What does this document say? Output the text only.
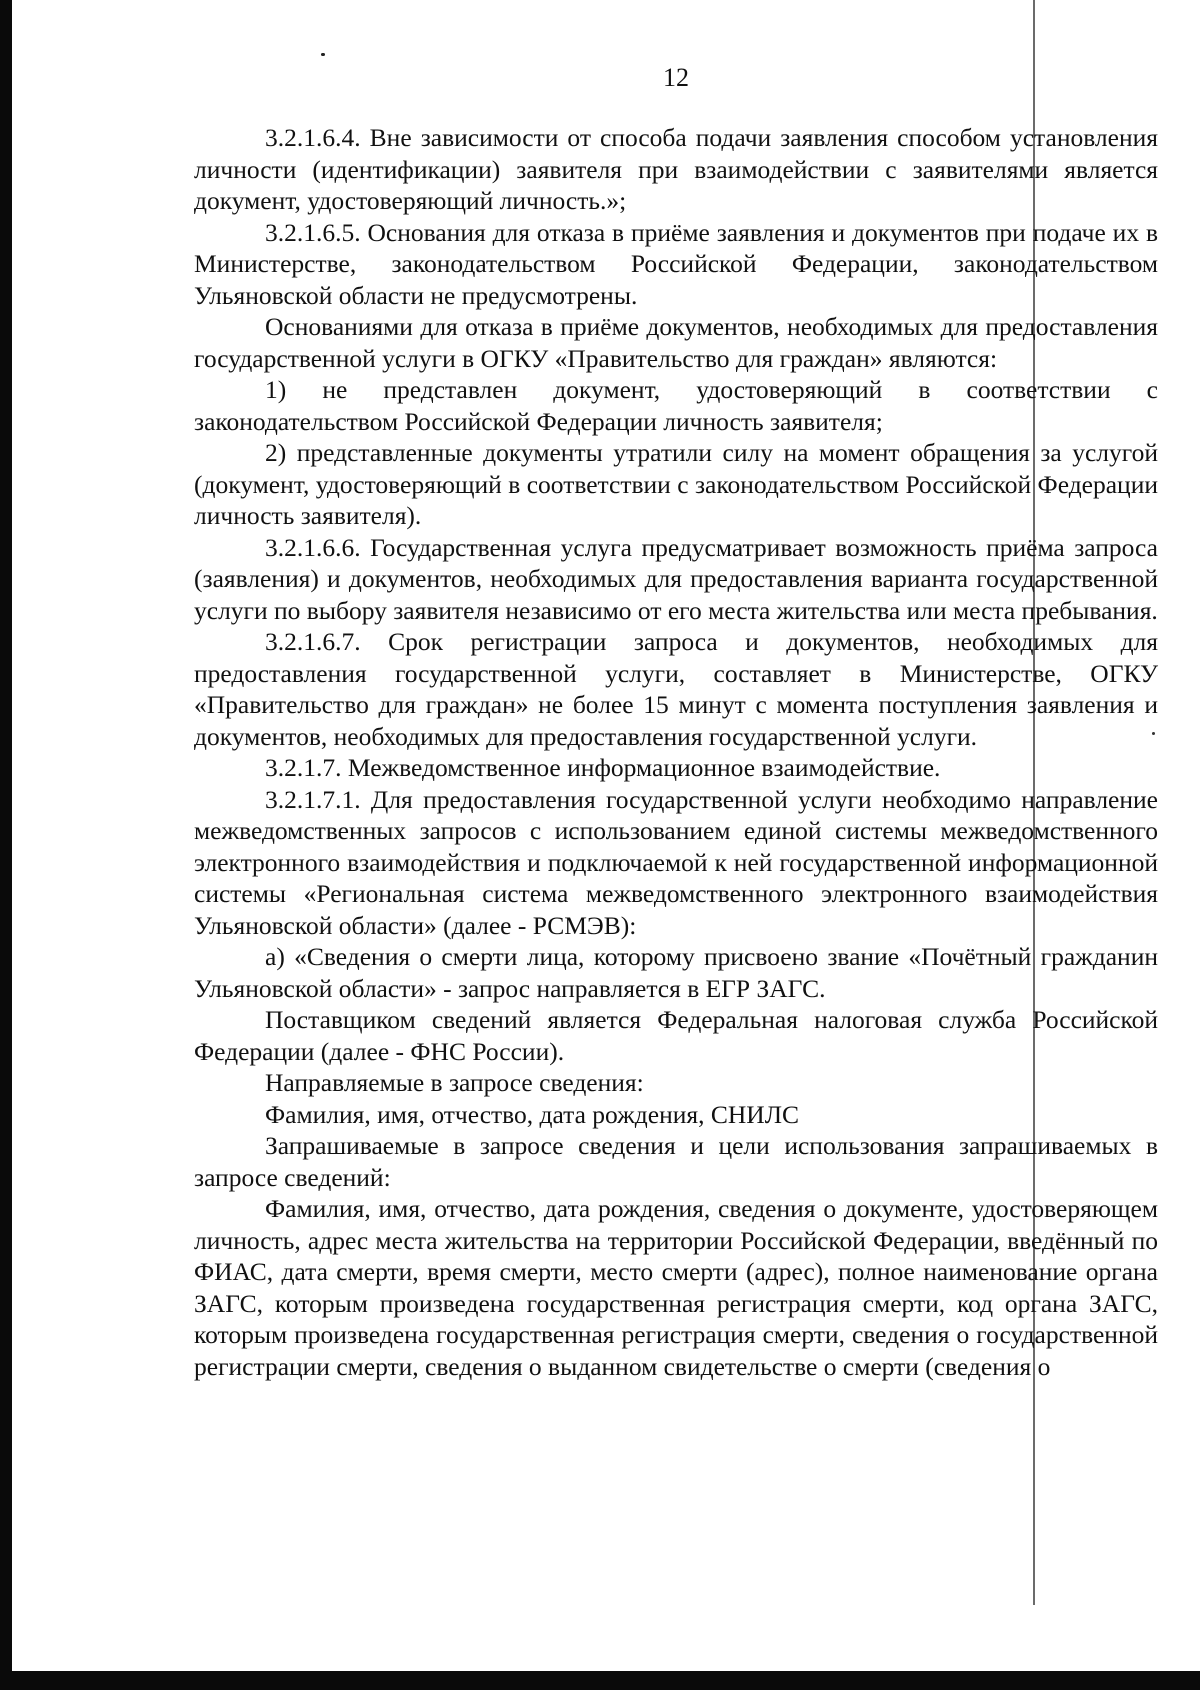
12

3.2.1.6.4. Вне зависимости от способа подачи заявления способом установления личности (идентификации) заявителя при взаимодействии с заявителями является документ, удостоверяющий личность.»;

3.2.1.6.5. Основания для отказа в приёме заявления и документов при подаче их в Министерстве, законодательством Российской Федерации, законодательством Ульяновской области не предусмотрены.

Основаниями для отказа в приёме документов, необходимых для предоставления государственной услуги в ОГКУ «Правительство для граждан» являются:

1) не представлен документ, удостоверяющий в соответствии с законодательством Российской Федерации личность заявителя;

2) представленные документы утратили силу на момент обращения за услугой (документ, удостоверяющий в соответствии с законодательством Российской Федерации личность заявителя).

3.2.1.6.6. Государственная услуга предусматривает возможность приёма запроса (заявления) и документов, необходимых для предоставления варианта государственной услуги по выбору заявителя независимо от его места жительства или места пребывания.

3.2.1.6.7. Срок регистрации запроса и документов, необходимых для предоставления государственной услуги, составляет в Министерстве, ОГКУ «Правительство для граждан» не более 15 минут с момента поступления заявления и документов, необходимых для предоставления государственной услуги.

3.2.1.7. Межведомственное информационное взаимодействие.

3.2.1.7.1. Для предоставления государственной услуги необходимо направление межведомственных запросов с использованием единой системы межведомственного электронного взаимодействия и подключаемой к ней государственной информационной системы «Региональная система межведомственного электронного взаимодействия Ульяновской области» (далее - РСМЭВ):

а) «Сведения о смерти лица, которому присвоено звание «Почётный гражданин Ульяновской области» - запрос направляется в ЕГР ЗАГС.

Поставщиком сведений является Федеральная налоговая служба Российской Федерации (далее - ФНС России).

Направляемые в запросе сведения:

Фамилия, имя, отчество, дата рождения, СНИЛС

Запрашиваемые в запросе сведения и цели использования запрашиваемых в запросе сведений:

Фамилия, имя, отчество, дата рождения, сведения о документе, удостоверяющем личность, адрес места жительства на территории Российской Федерации, введённый по ФИАС, дата смерти, время смерти, место смерти (адрес), полное наименование органа ЗАГС, которым произведена государственная регистрация смерти, код органа ЗАГС, которым произведена государственная регистрация смерти, сведения о государственной регистрации смерти, сведения о выданном свидетельстве о смерти (сведения о
